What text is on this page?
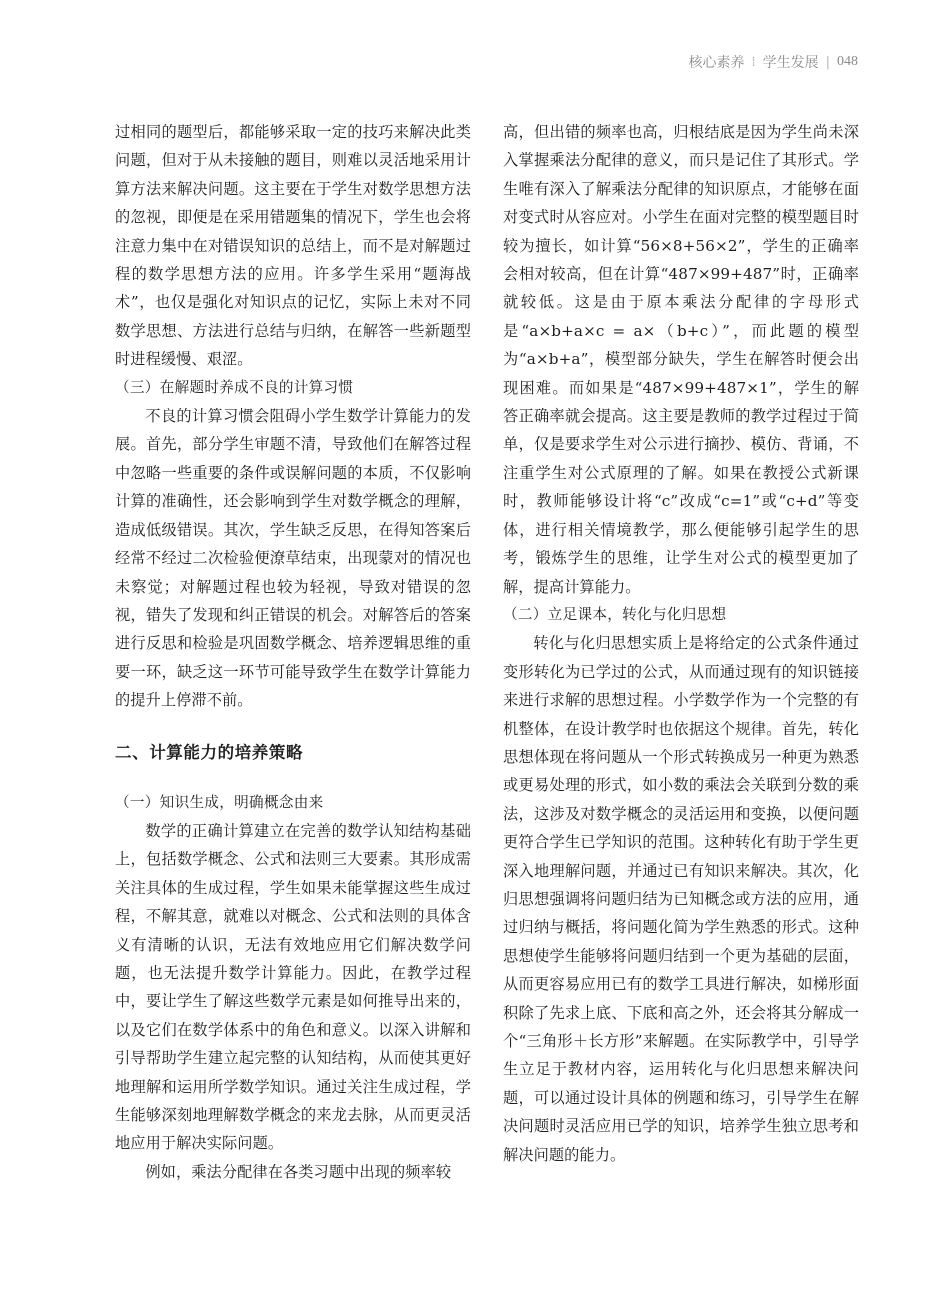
核心素养 ⁞ 学生发展 | 048

过相同的题型后，都能够采取一定的技巧来解决此类问题，但对于从未接触的题目，则难以灵活地采用计算方法来解决问题。这主要在于学生对数学思想方法的忽视，即便是在采用错题集的情况下，学生也会将注意力集中在对错误知识的总结上，而不是对解题过程的数学思想方法的应用。许多学生采用“题海战术”，也仅是强化对知识点的记忆，实际上未对不同数学思想、方法进行总结与归纳，在解答一些新题型时进程缓慢、艰涩。

（三）在解题时养成不良的计算习惯

不良的计算习惯会阻碍小学生数学计算能力的发展。首先，部分学生审题不清，导致他们在解答过程中忽略一些重要的条件或误解问题的本质，不仅影响计算的准确性，还会影响到学生对数学概念的理解，造成低级错误。其次，学生缺乏反思，在得知答案后经常不经过二次检验便潦草结束，出现蒙对的情况也未察觉；对解题过程也较为轻视，导致对错误的忽视，错失了发现和纠正错误的机会。对解答后的答案进行反思和检验是巩固数学概念、培养逻辑思维的重要一环，缺乏这一环节可能导致学生在数学计算能力的提升上停滞不前。

二、计算能力的培养策略
（一）知识生成，明确概念由来

数学的正确计算建立在完善的数学认知结构基础上，包括数学概念、公式和法则三大要素。其形成需关注具体的生成过程，学生如果未能掌握这些生成过程，不解其意，就难以对概念、公式和法则的具体含义有清晰的认识，无法有效地应用它们解决数学问题，也无法提升数学计算能力。因此，在教学过程中，要让学生了解这些数学元素是如何推导出来的，以及它们在数学体系中的角色和意义。以深入讲解和引导帮助学生建立起完整的认知结构，从而使其更好地理解和运用所学数学知识。通过关注生成过程，学生能够深刻地理解数学概念的来龙去脉，从而更灵活地应用于解决实际问题。

例如，乘法分配律在各类习题中出现的频率较

高，但出错的频率也高，归根结底是因为学生尚未深入掌握乘法分配律的意义，而只是记住了其形式。学生唯有深入了解乘法分配律的知识原点，才能够在面对变式时从容应对。小学生在面对完整的模型题目时较为擅长，如计算“56×8+56×2”，学生的正确率会相对较高，但在计算“487×99+487”时，正确率就较低。这是由于原本乘法分配律的字母形式是“a×b+a×c = a×（b+c）”，而此题的模型为“a×b+a”，模型部分缺失，学生在解答时便会出现困难。而如果是“487×99+487×1”，学生的解答正确率就会提高。这主要是教师的教学过程过于简单，仅是要求学生对公示进行摘抄、模仿、背诵，不注重学生对公式原理的了解。如果在教授公式新课时，教师能够设计将“c”改成“c=1”或“c+d”等变体，进行相关情境教学，那么便能够引起学生的思考，锻炼学生的思维，让学生对公式的模型更加了解，提高计算能力。

（二）立足课本，转化与化归思想

转化与化归思想实质上是将给定的公式条件通过变形转化为已学过的公式，从而通过现有的知识链接来进行求解的思想过程。小学数学作为一个完整的有机整体，在设计教学时也依据这个规律。首先，转化思想体现在将问题从一个形式转换成另一种更为熟悉或更易处理的形式，如小数的乘法会关联到分数的乘法，这涉及对数学概念的灵活运用和变换，以便问题更符合学生已学知识的范围。这种转化有助于学生更深入地理解问题，并通过已有知识来解决。其次，化归思想强调将问题归结为已知概念或方法的应用，通过归纳与概括，将问题化简为学生熟悉的形式。这种思想使学生能够将问题归结到一个更为基础的层面，从而更容易应用已有的数学工具进行解决，如梯形面积除了先求上底、下底和高之外，还会将其分解成一个“三角形＋长方形”来解题。在实际教学中，引导学生立足于教材内容，运用转化与化归思想来解决问题，可以通过设计具体的例题和练习，引导学生在解决问题时灵活应用已学的知识，培养学生独立思考和解决问题的能力。
